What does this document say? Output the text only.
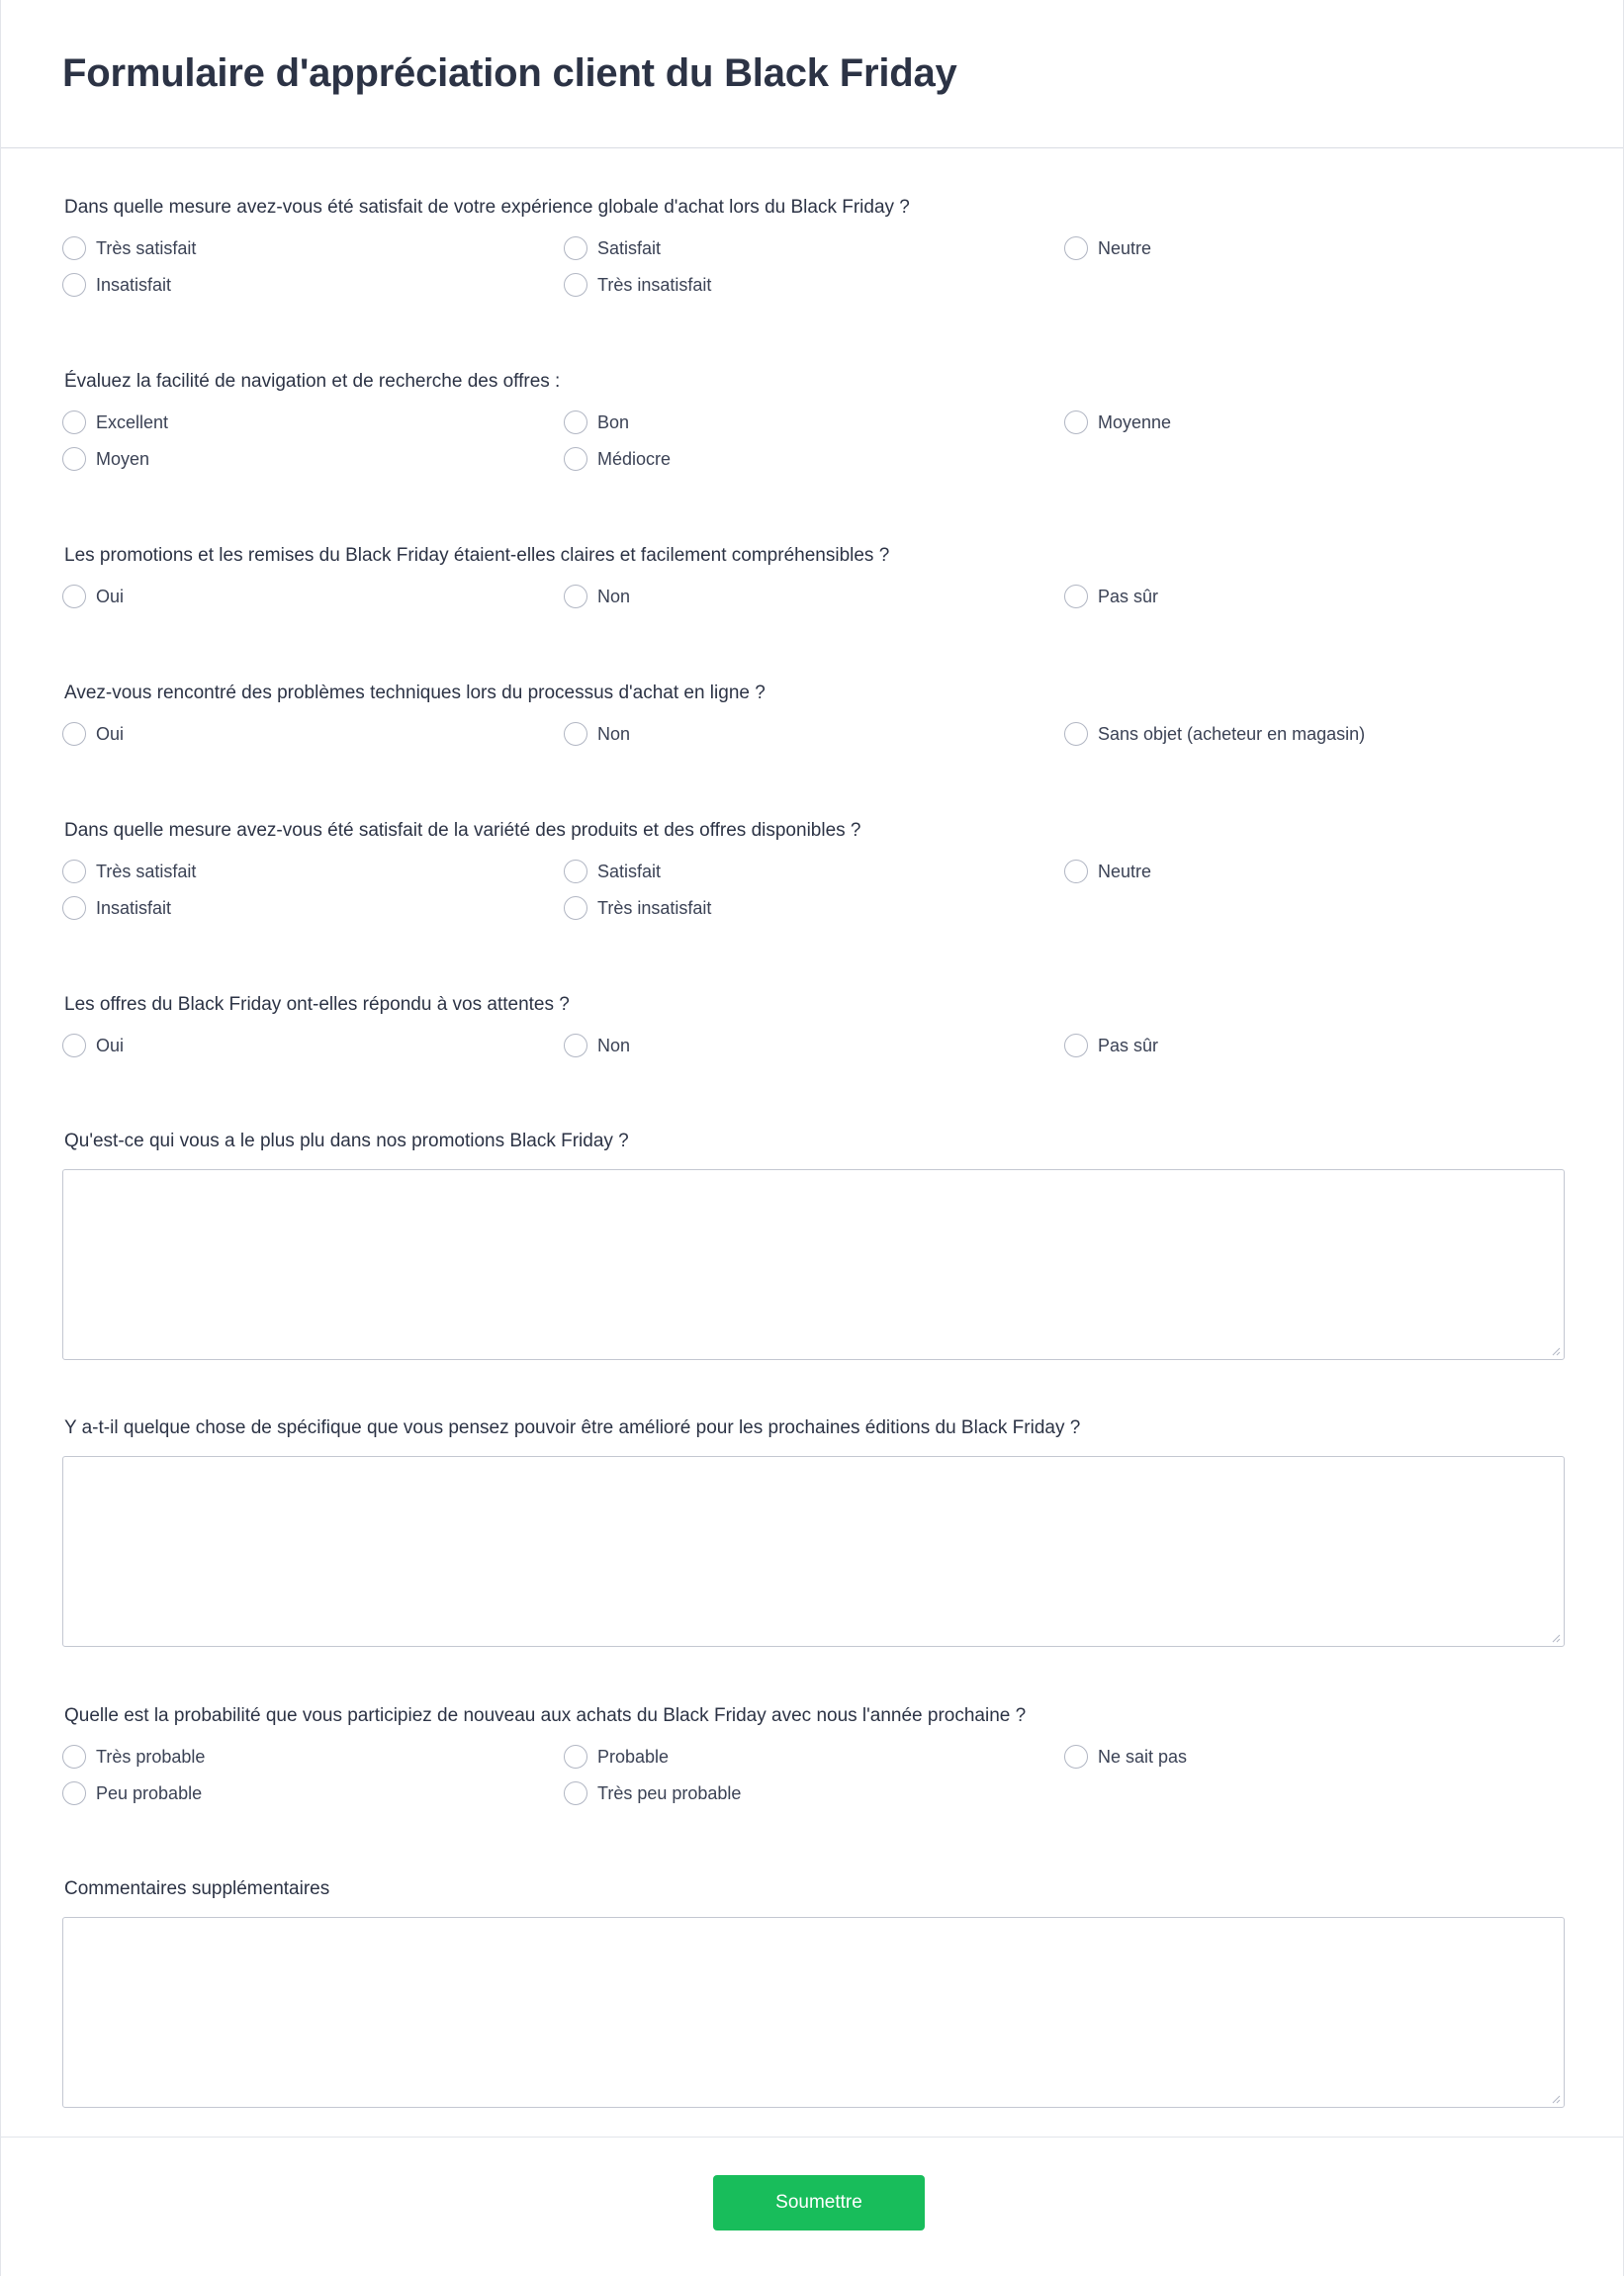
Formulaire d'appréciation client du Black Friday
Dans quelle mesure avez-vous été satisfait de votre expérience globale d'achat lors du Black Friday ?
Très satisfait	Satisfait	Neutre
Insatisfait	Très insatisfait
Évaluez la facilité de navigation et de recherche des offres :
Excellent	Bon	Moyenne
Moyen	Médiocre
Les promotions et les remises du Black Friday étaient-elles claires et facilement compréhensibles ?
Oui	Non	Pas sûr
Avez-vous rencontré des problèmes techniques lors du processus d'achat en ligne ?
Oui	Non	Sans objet (acheteur en magasin)
Dans quelle mesure avez-vous été satisfait de la variété des produits et des offres disponibles ?
Très satisfait	Satisfait	Neutre
Insatisfait	Très insatisfait
Les offres du Black Friday ont-elles répondu à vos attentes ?
Oui	Non	Pas sûr
Qu'est-ce qui vous a le plus plu dans nos promotions Black Friday ?
Y a-t-il quelque chose de spécifique que vous pensez pouvoir être amélioré pour les prochaines éditions du Black Friday ?
Quelle est la probabilité que vous participiez de nouveau aux achats du Black Friday avec nous l'année prochaine ?
Très probable	Probable	Ne sait pas
Peu probable	Très peu probable
Commentaires supplémentaires
Soumettre
